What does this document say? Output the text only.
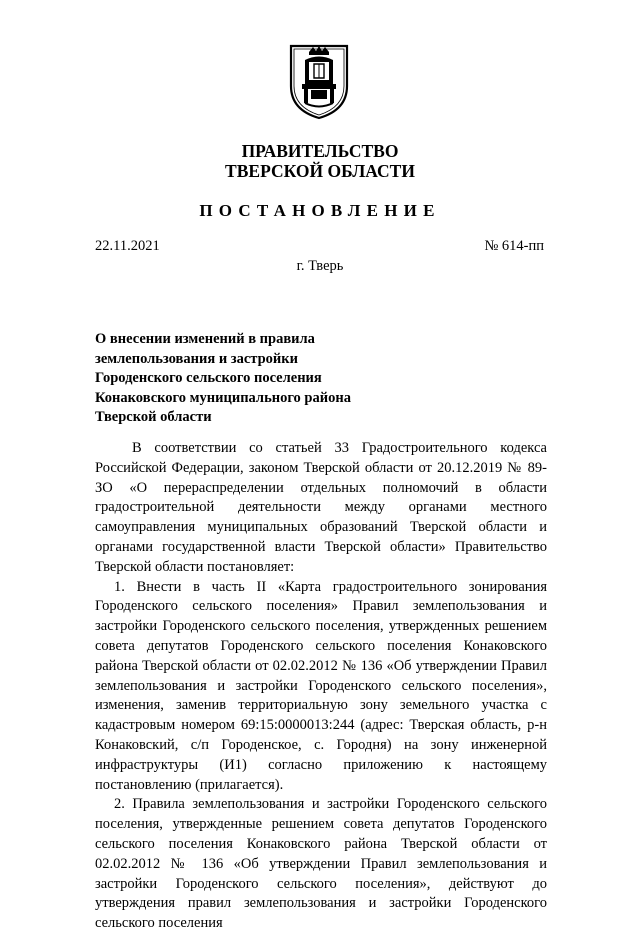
ПРАВИТЕЛЬСТВО
ТВЕРСКОЙ ОБЛАСТИ
ПОСТАНОВЛЕНИЕ
22.11.2021	№ 614-пп
г. Тверь
О внесении изменений в правила
землепользования и застройки
Городенского сельского поселения
Конаковского муниципального района
Тверской области

В соответствии со статьей 33 Градостроительного кодекса Российской Федерации, законом Тверской области от 20.12.2019 № 89-ЗО «О перераспределении отдельных полномочий в области градостроительной деятельности между органами местного самоуправления муниципальных образований Тверской области и органами государственной власти Тверской области» Правительство Тверской области постановляет:

1. Внести в часть II «Карта градостроительного зонирования Городенского сельского поселения» Правил землепользования и застройки Городенского сельского поселения, утвержденных решением совета депутатов Городенского сельского поселения Конаковского района Тверской области от 02.02.2012 № 136 «Об утверждении Правил землепользования и застройки Городенского сельского поселения», изменения, заменив территориальную зону земельного участка с кадастровым номером 69:15:0000013:244 (адрес: Тверская область, р-н Конаковский, с/п Городенское, с. Городня) на зону инженерной инфраструктуры (И1) согласно приложению к настоящему постановлению (прилагается).

2. Правила землепользования и застройки Городенского сельского поселения, утвержденные решением совета депутатов Городенского сельского поселения Конаковского района Тверской области от 02.02.2012 № 136 «Об утверждении Правил землепользования и застройки Городенского сельского поселения», действуют до утверждения правил землепользования и застройки Городенского сельского поселения
